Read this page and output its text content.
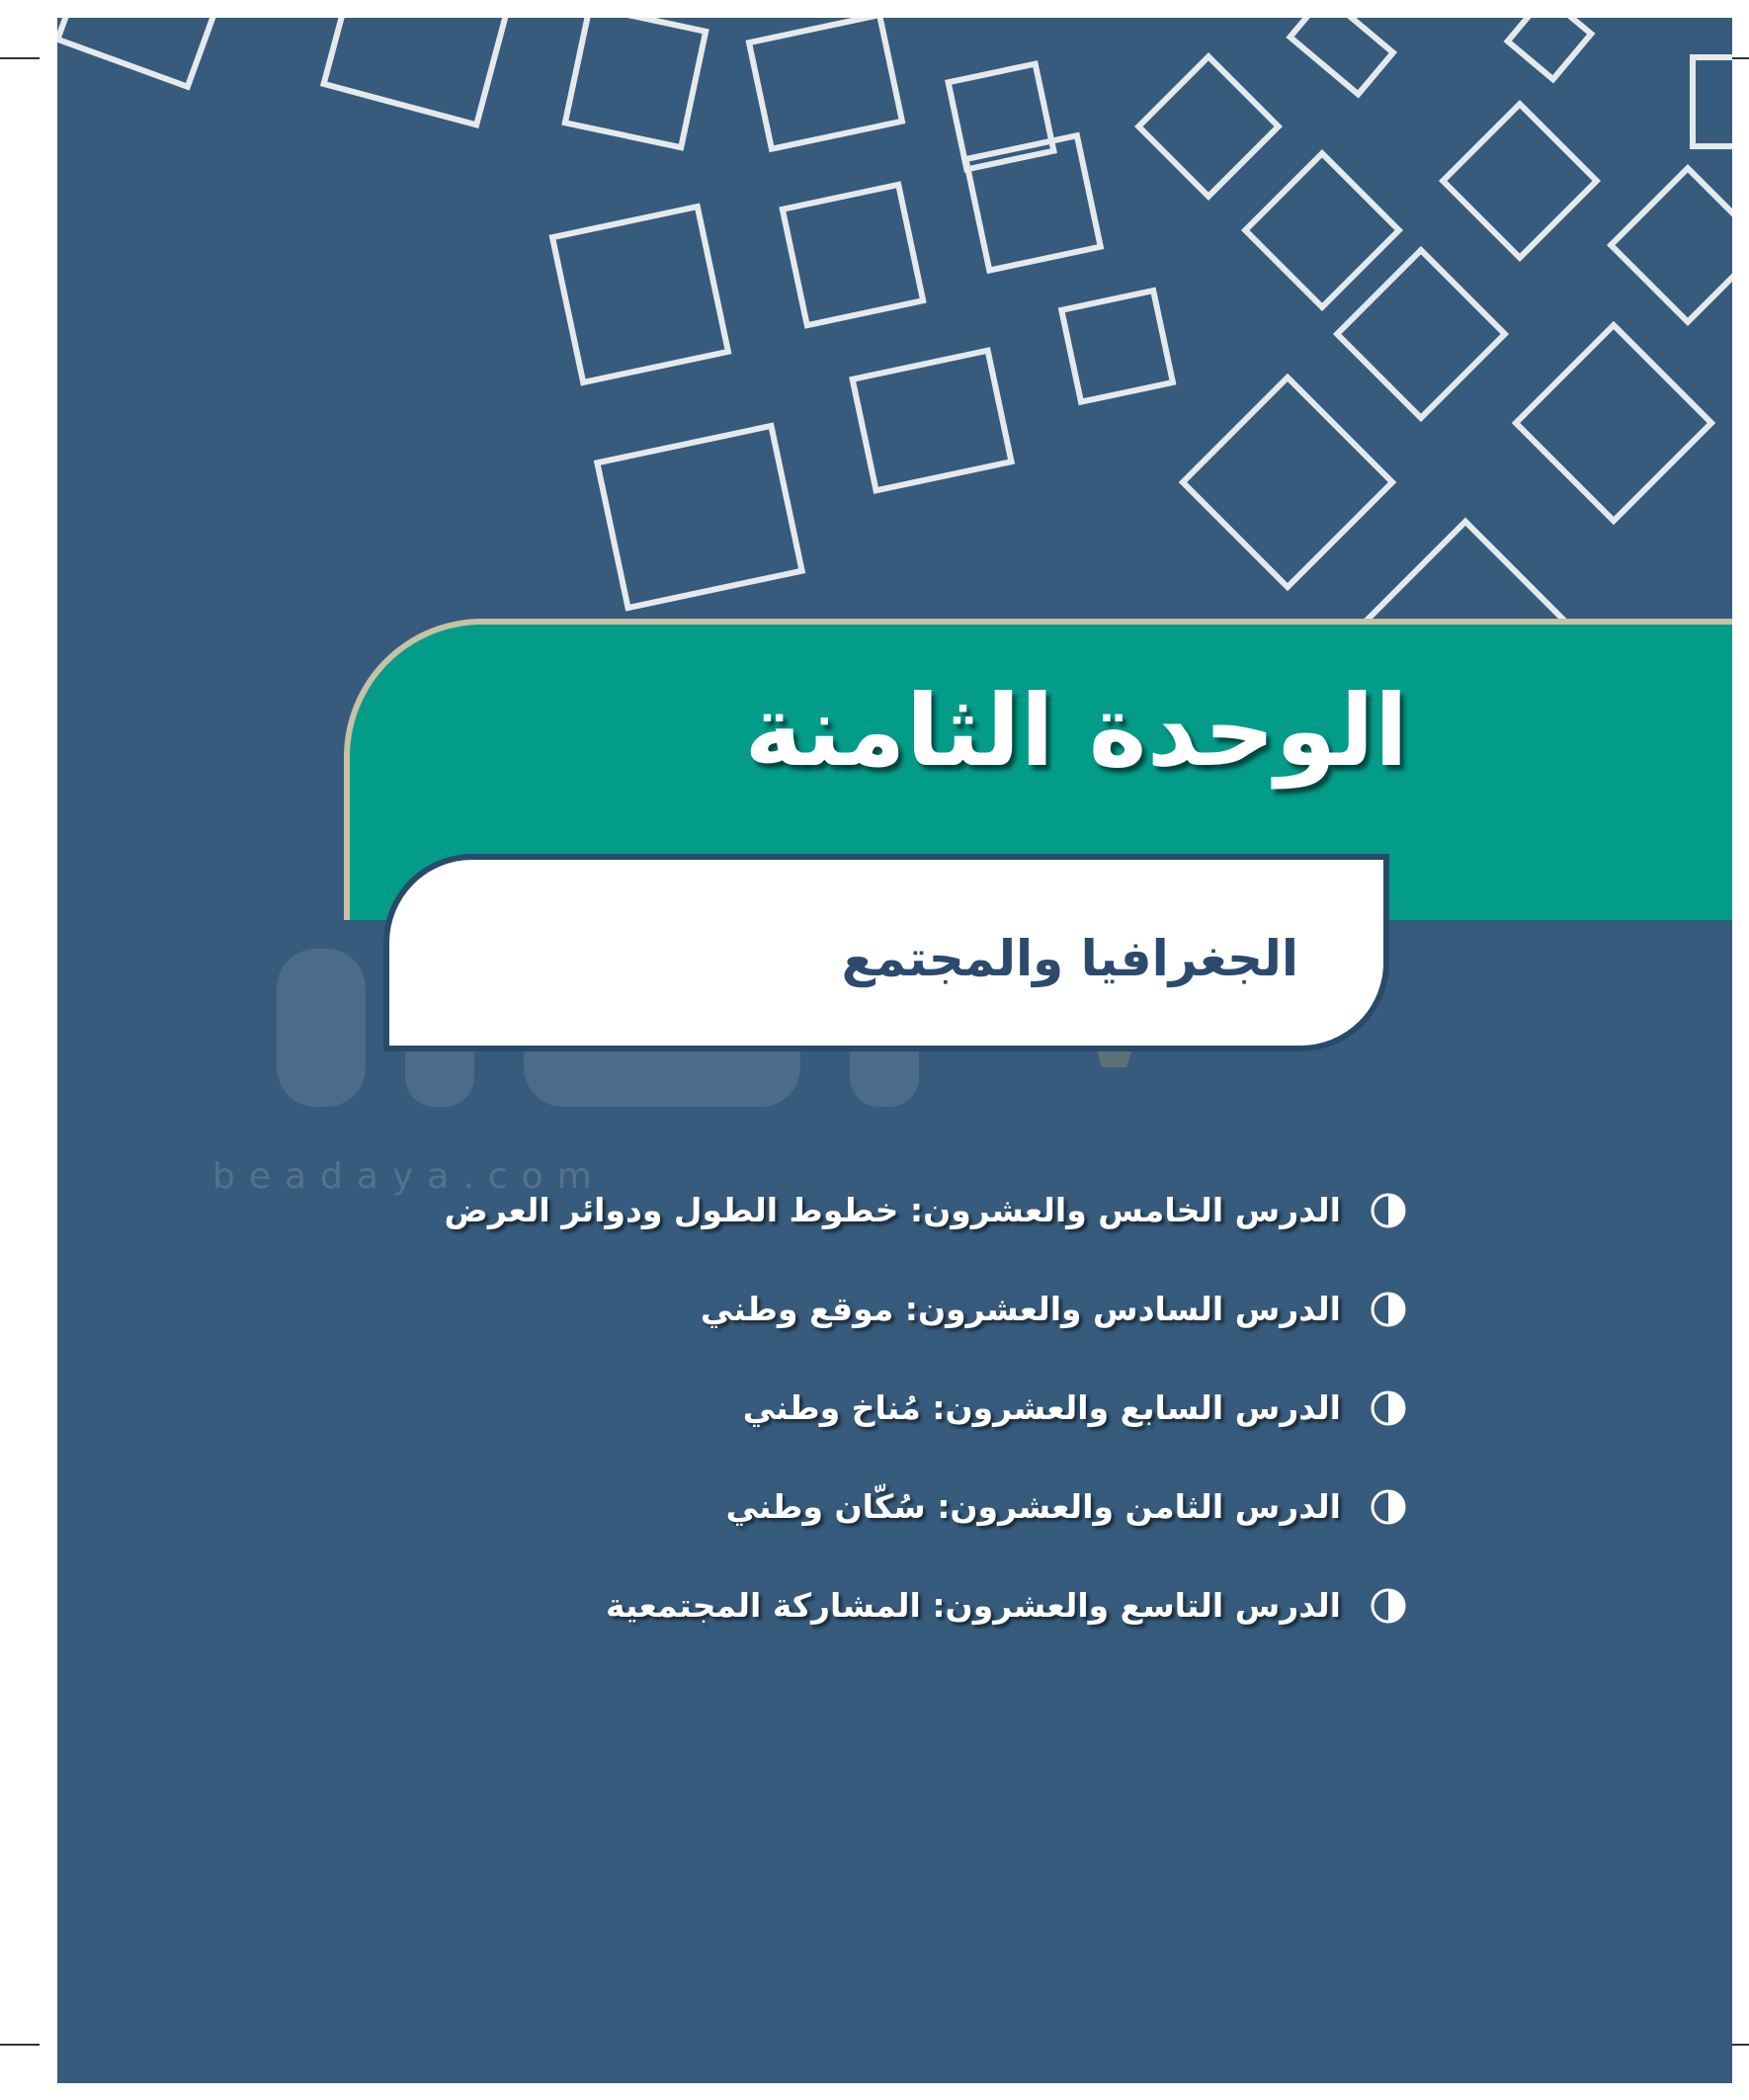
beadaya.com
الوحدة الثامنة
الجغرافيا والمجتمع
الدرس الخامس والعشرون: خطوط الطول ودوائر العرض
الدرس السادس والعشرون: موقع وطني
الدرس السابع والعشرون: مُناخ وطني
الدرس الثامن والعشرون: سُكّان وطني
الدرس التاسع والعشرون: المشاركة المجتمعية
